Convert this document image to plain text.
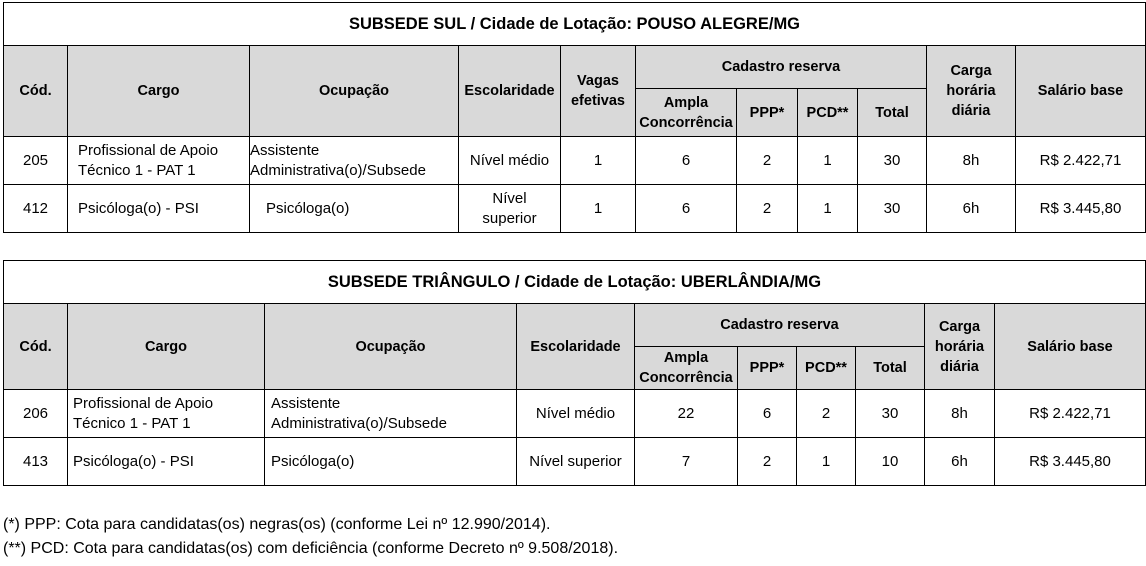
SUBSEDE SUL / Cidade de Lotação: POUSO ALEGRE/MG										
Cód.	Cargo	Ocupação	Escolaridade	Vagas efetivas	Cadastro reserva				Carga horária diária	Salário base
					Ampla Concorrência	PPP*	PCD**	Total		
205	Profissional de Apoio Técnico 1 - PAT 1	Assistente Administrativa(o)/Subsede	Nível médio	1	6	2	1	30	8h	R$ 2.422,71
412	Psicóloga(o) - PSI	Psicóloga(o)	Nível superior	1	6	2	1	30	6h	R$ 3.445,80
SUBSEDE TRIÂNGULO / Cidade de Lotação: UBERLÂNDIA/MG									
Cód.	Cargo	Ocupação	Escolaridade	Cadastro reserva				Carga horária diária	Salário base
				Ampla Concorrência	PPP*	PCD**	Total		
206	Profissional de Apoio Técnico 1 - PAT 1	Assistente Administrativa(o)/Subsede	Nível médio	22	6	2	30	8h	R$ 2.422,71
413	Psicóloga(o) - PSI	Psicóloga(o)	Nível superior	7	2	1	10	6h	R$ 3.445,80
(*) PPP: Cota para candidatas(os) negras(os) (conforme Lei nº 12.990/2014).
(**) PCD: Cota para candidatas(os) com deficiência (conforme Decreto nº 9.508/2018).
